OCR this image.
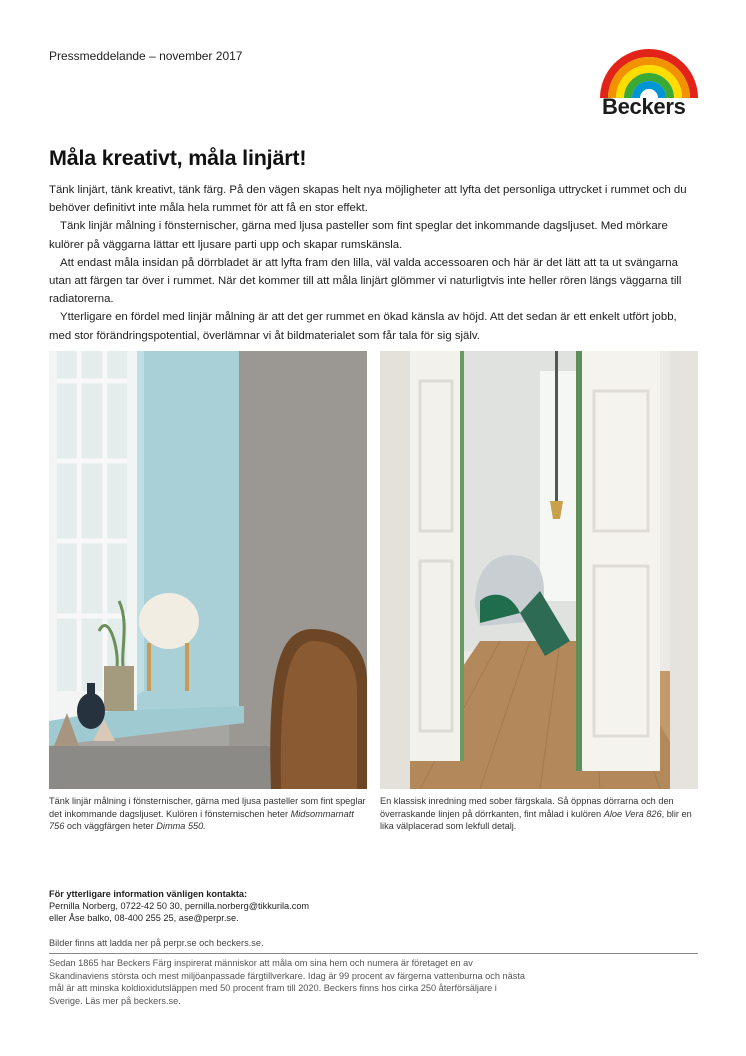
Pressmeddelande – november 2017
Beckers
Måla kreativt, måla linjärt!

Tänk linjärt, tänk kreativt, tänk färg. På den vägen skapas helt nya möjligheter att lyfta det personliga uttrycket i rummet och du behöver definitivt inte måla hela rummet för att få en stor effekt.

Tänk linjär målning i fönsternischer, gärna med ljusa pasteller som fint speglar det inkommande dagsljuset. Med mörkare kulörer på väggarna lättar ett ljusare parti upp och skapar rumskänsla.

Att endast måla insidan på dörrbladet är att lyfta fram den lilla, väl valda accessoaren och här är det lätt att ta ut svängarna utan att färgen tar över i rummet. När det kommer till att måla linjärt glömmer vi naturligtvis inte heller rören längs väggarna till radiatorerna.

Ytterligare en fördel med linjär målning är att det ger rummet en ökad känsla av höjd. Att det sedan är ett enkelt utfört jobb, med stor förändringspotential, överlämnar vi åt bildmaterialet som får tala för sig själv.

Tänk linjär målning i fönsternischer, gärna med ljusa pasteller som fint speglar det inkommande dagsljuset. Kulören i fönsternischen heter Midsommarnatt 756 och väggfärgen heter Dimma 550.
En klassisk inredning med sober färgskala. Så öppnas dörrarna och den överraskande linjen på dörrkanten, fint målad i kulören Aloe Vera 826, blir en lika välplacerad som lekfull detalj.
För ytterligare information vänligen kontakta:
Pernilla Norberg, 0722-42 50 30, pernilla.norberg@tikkurila.com
eller Åse balko, 08-400 255 25, ase@perpr.se.
Bilder finns att ladda ner på perpr.se och beckers.se.
Sedan 1865 har Beckers Färg inspirerat människor att måla om sina hem och numera är företaget en av Skandinaviens största och mest miljöanpassade färgtillverkare. Idag är 99 procent av färgerna vattenburna och nästa mål är att minska koldioxidutsläppen med 50 procent fram till 2020. Beckers finns hos cirka 250 återförsäljare i Sverige. Läs mer på beckers.se.
